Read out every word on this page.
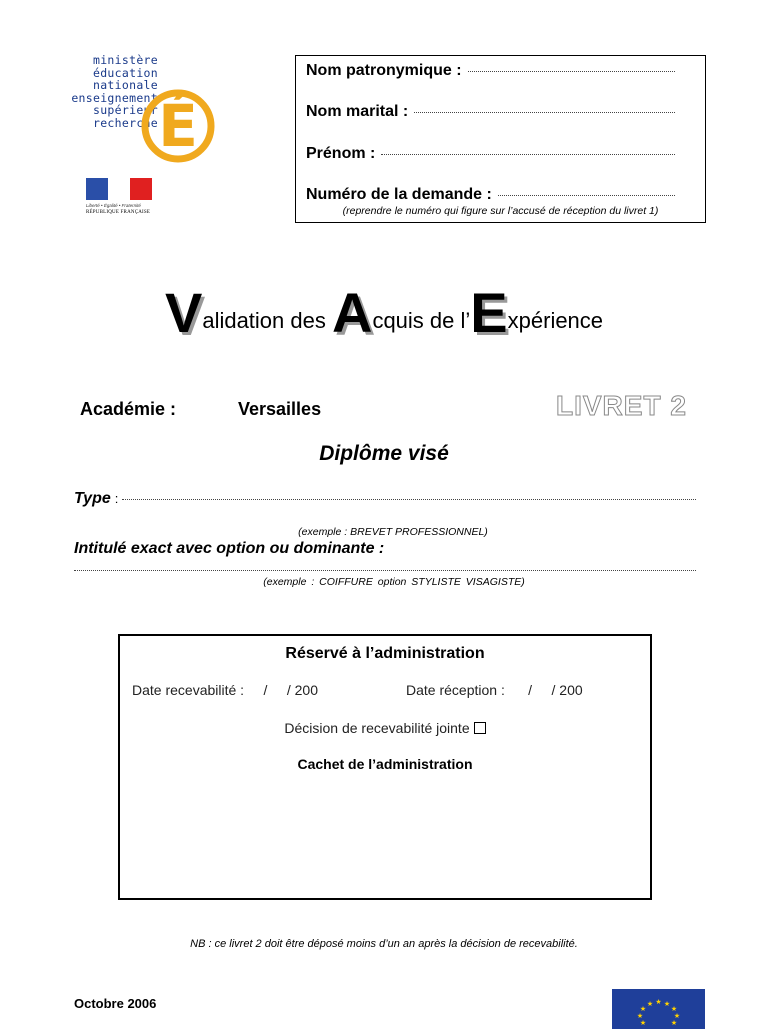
ministère
éducation
nationale
enseignement
supérieur
recherche É
Liberté • Égalité • Fraternité
RÉPUBLIQUE FRANÇAISE
Nom patronymique :
Nom marital :
Prénom :
Numéro de la demande :
(reprendre le numéro qui figure sur l’accusé de réception du livret 1)
Validation des Acquis de l’Expérience
Académie :	Versailles	LIVRET 2
Diplôme visé
Type :
(exemple : BREVET PROFESSIONNEL)
Intitulé exact avec option ou dominante :
(exemple : COIFFURE option STYLISTE VISAGISTE)
Réservé à l’administration
Date recevabilité :     /     / 200	Date réception :      /     / 200
Décision de recevabilité jointe
Cachet de l’administration
NB : ce livret 2 doit être déposé moins d’un an après la décision de recevabilité.
Octobre 2006	★
★ ★
★	★
★	★
★	★
